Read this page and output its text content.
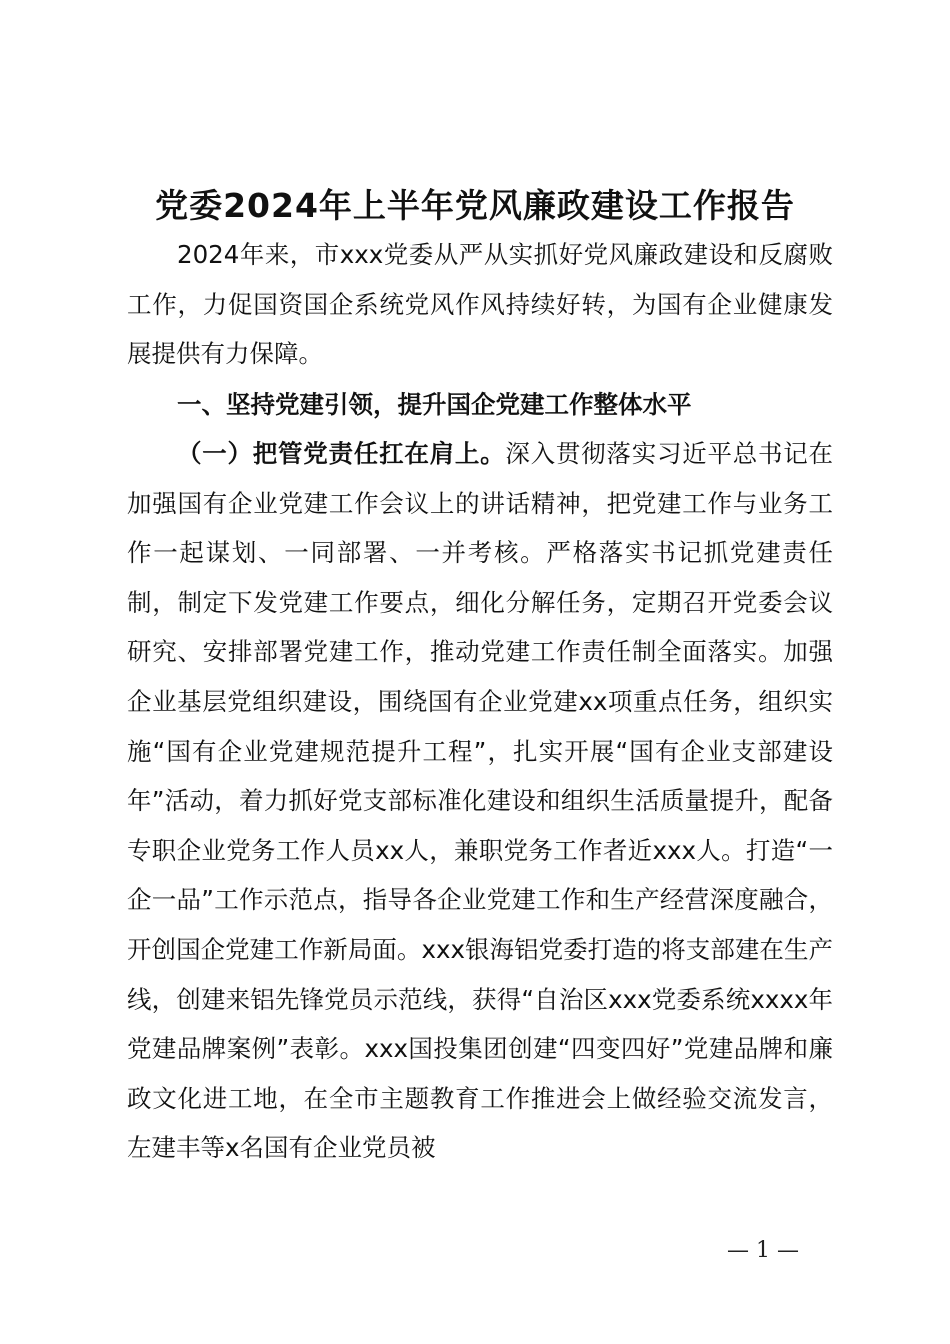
党委2024年上半年党风廉政建设工作报告

2024年来，市xxx党委从严从实抓好党风廉政建设和反腐败工作，力促国资国企系统党风作风持续好转，为国有企业健康发展提供有力保障。

一、坚持党建引领，提升国企党建工作整体水平

（一）把管党责任扛在肩上。深入贯彻落实习近平总书记在加强国有企业党建工作会议上的讲话精神，把党建工作与业务工作一起谋划、一同部署、一并考核。严格落实书记抓党建责任制，制定下发党建工作要点，细化分解任务，定期召开党委会议研究、安排部署党建工作，推动党建工作责任制全面落实。加强企业基层党组织建设，围绕国有企业党建xx项重点任务，组织实施“国有企业党建规范提升工程”，扎实开展“国有企业支部建设年”活动，着力抓好党支部标准化建设和组织生活质量提升，配备专职企业党务工作人员xx人，兼职党务工作者近xxx人。打造“一企一品”工作示范点，指导各企业党建工作和生产经营深度融合，开创国企党建工作新局面。xxx银海铝党委打造的将支部建在生产线，创建来铝先锋党员示范线，获得“自治区xxx党委系统xxxx年党建品牌案例”表彰。xxx国投集团创建“四变四好”党建品牌和廉政文化进工地，在全市主题教育工作推进会上做经验交流发言，左建丰等x名国有企业党员被

— 1 —
